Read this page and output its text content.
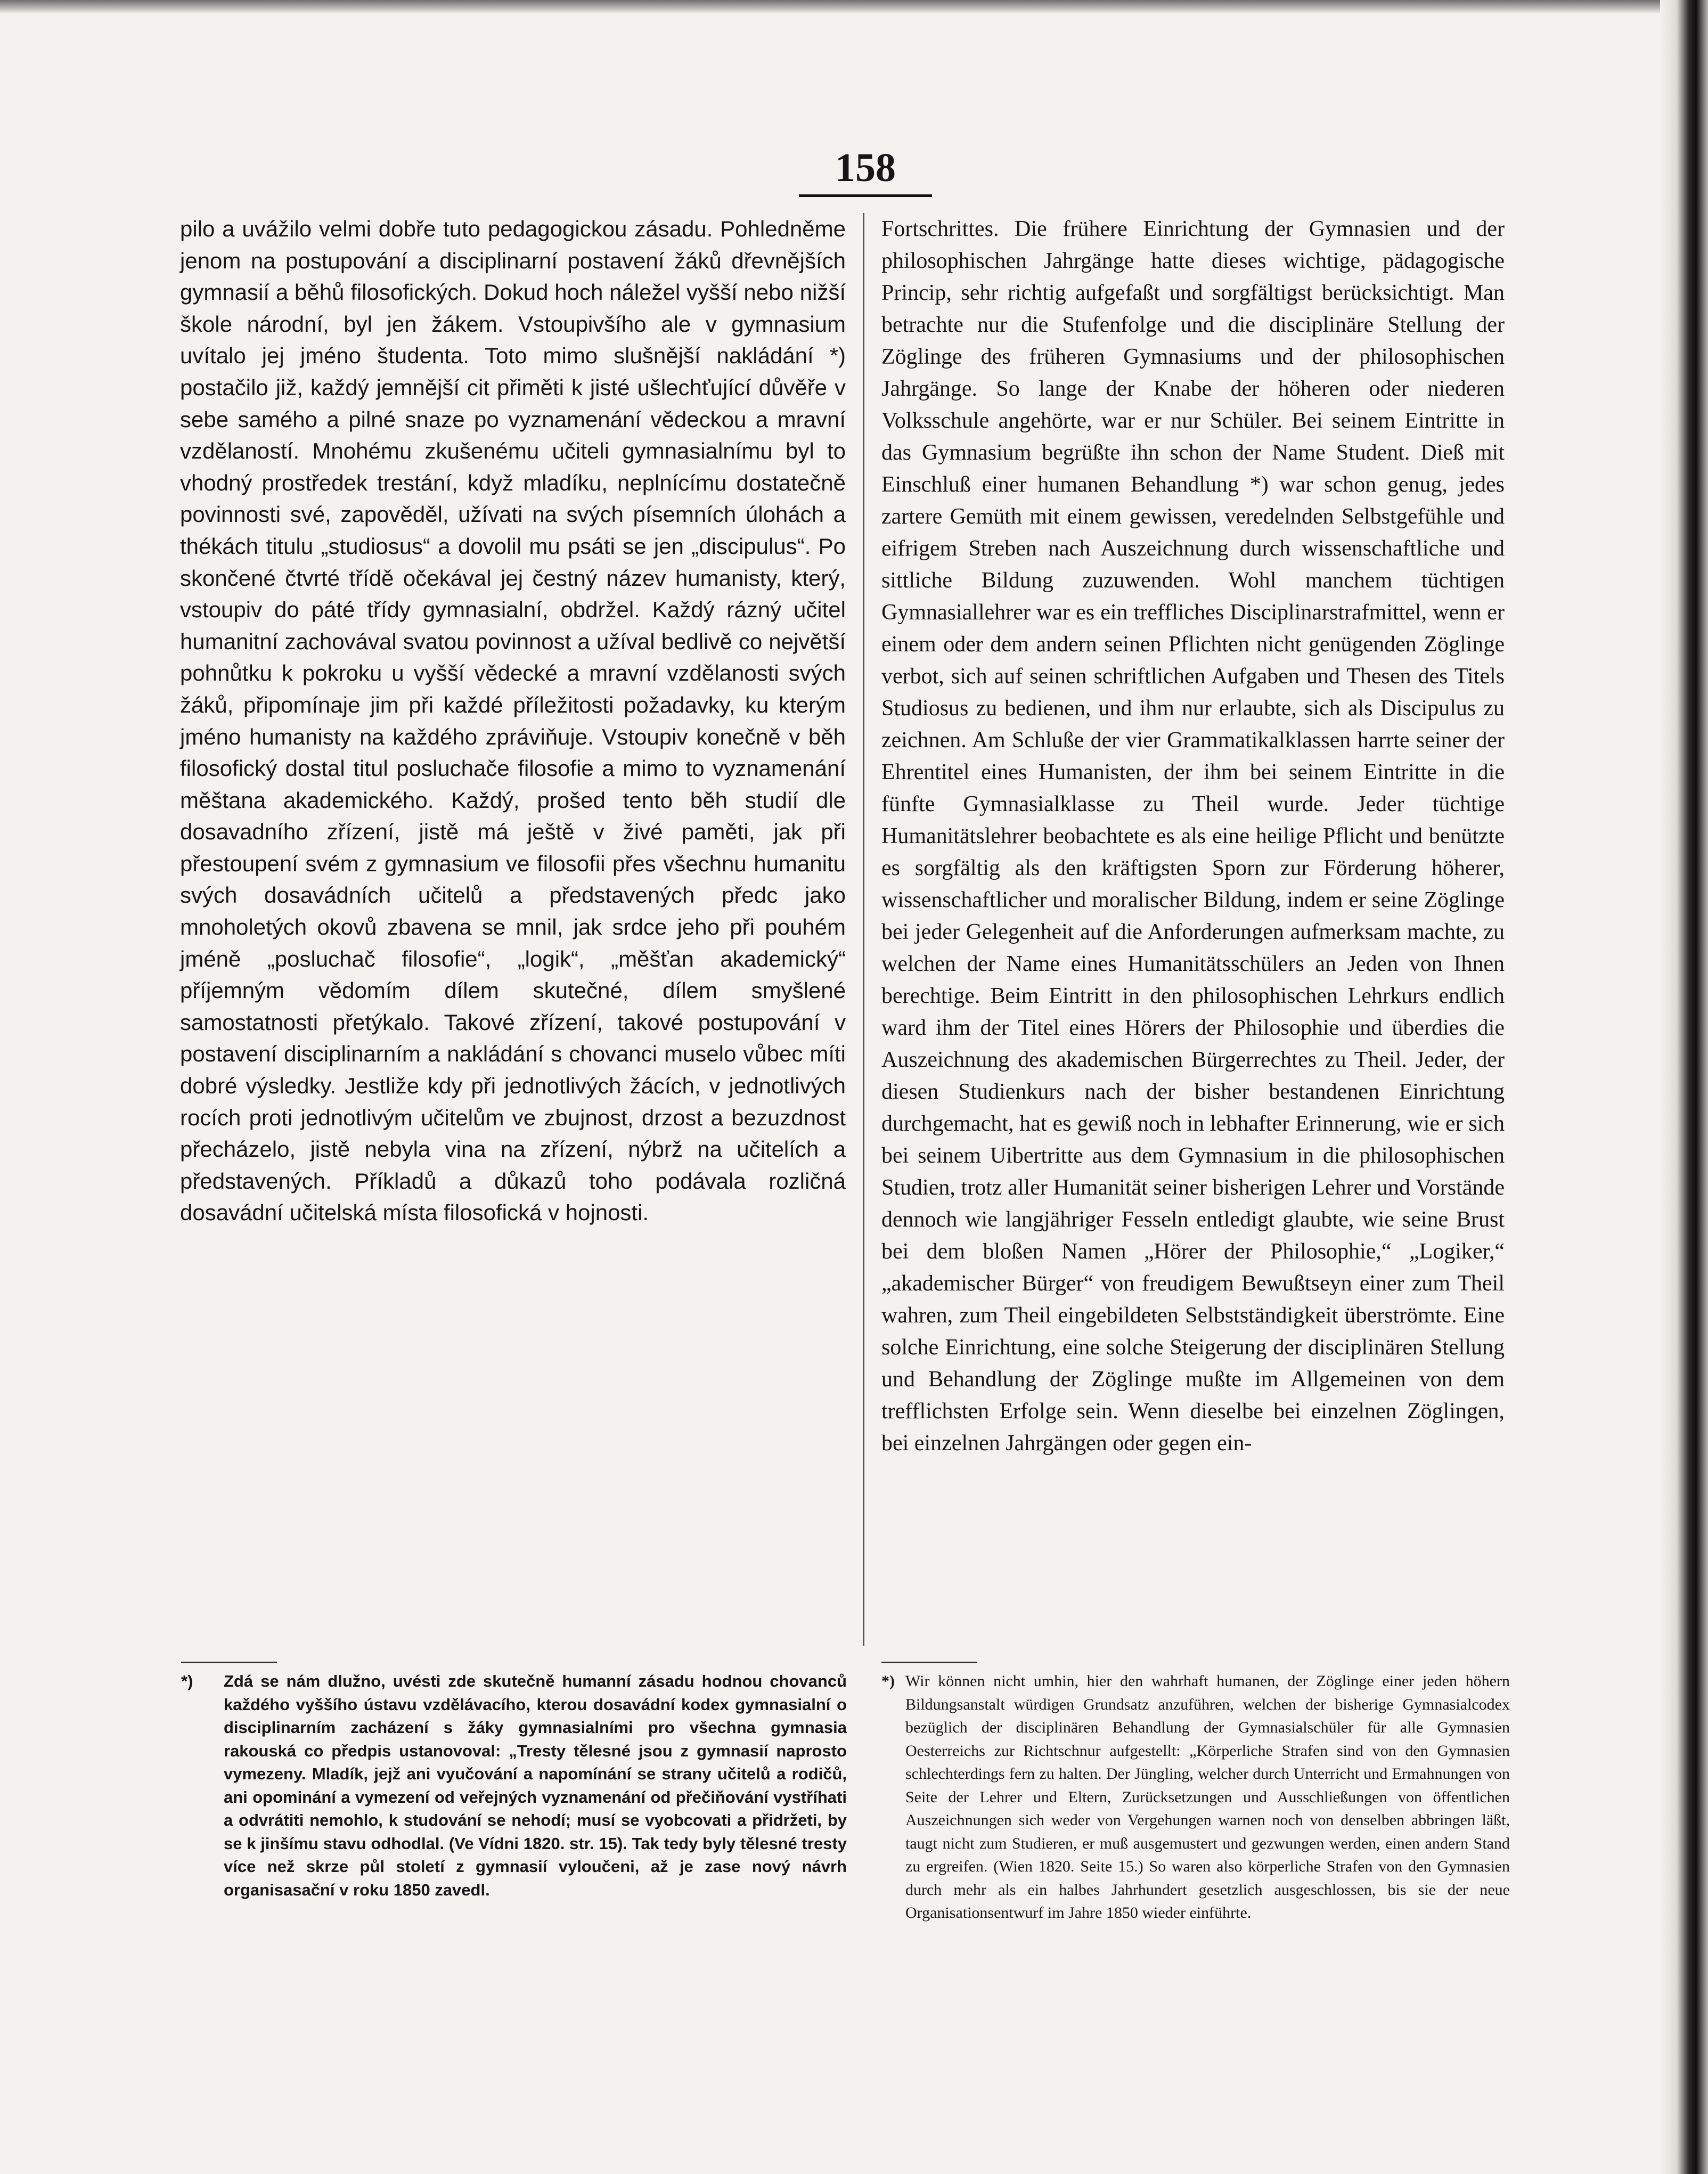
158
pilo a uvážilo velmi dobře tuto pedagogickou zásadu. Pohledněme jenom na postupování a disciplinarní postavení žáků dřevnějších gymnasií a běhů filosofických. Dokud hoch náležel vyšší nebo nižší škole národní, byl jen žákem. Vstoupivšího ale v gymnasium uvítalo jej jméno študenta. Toto mimo slušnější nakládání *) postačilo již, každý jemnější cit přiměti k jisté ušlechťující důvěře v sebe samého a pilné snaze po vyznamenání vědeckou a mravní vzdělaností. Mnohému zkušenému učiteli gymnasialnímu byl to vhodný prostředek trestání, když mladíku, neplnícímu dostatečně povinnosti své, zapověděl, užívati na svých písemních úlohách a thékách titulu „studiosus“ a dovolil mu psáti se jen „discipulus“. Po skončené čtvrté třídě očekával jej čestný název humanisty, který, vstoupiv do páté třídy gymnasialní, obdržel. Každý rázný učitel humanitní zachovával svatou povinnost a užíval bedlivě co největší pohnůtku k pokroku u vyšší vědecké a mravní vzdělanosti svých žáků, připomínaje jim při každé příležitosti požadavky, ku kterým jméno humanisty na každého zpráviňuje. Vstoupiv konečně v běh filosofický dostal titul posluchače filosofie a mimo to vyznamenání měštana akademického. Každý, prošed tento běh studií dle dosavadního zřízení, jistě má ještě v živé paměti, jak při přestoupení svém z gymnasium ve filosofii přes všechnu humanitu svých dosavádních učitelů a představených předc jako mnoholetých okovů zbavena se mnil, jak srdce jeho při pouhém jméně „posluchač filosofie“, „logik“, „měšťan akademický“ příjemným vědomím dílem skutečné, dílem smyšlené samostatnosti přetýkalo. Takové zřízení, takové postupování v postavení disciplinarním a nakládání s chovanci muselo vůbec míti dobré výsledky. Jestliže kdy při jednotlivých žácích, v jednotlivých rocích proti jednotlivým učitelům ve zbujnost, drzost a bezuzdnost přecházelo, jistě nebyla vina na zřízení, nýbrž na učitelích a představených. Příkladů a důkazů toho podávala rozličná dosavádní učitelská místa filosofická v hojnosti.
Fortschrittes. Die frühere Einrichtung der Gymnasien und der philosophischen Jahrgänge hatte dieses wichtige, pädagogische Princip, sehr richtig aufgefaßt und sorgfältigst berücksichtigt. Man betrachte nur die Stufenfolge und die disciplinäre Stellung der Zöglinge des früheren Gymnasiums und der philosophischen Jahrgänge. So lange der Knabe der höheren oder niederen Volksschule angehörte, war er nur Schüler. Bei seinem Eintritte in das Gymnasium begrüßte ihn schon der Name Student. Dieß mit Einschluß einer humanen Behandlung *) war schon genug, jedes zartere Gemüth mit einem gewissen, veredelnden Selbstgefühle und eifrigem Streben nach Auszeichnung durch wissenschaftliche und sittliche Bildung zuzuwenden. Wohl manchem tüchtigen Gymnasiallehrer war es ein treffliches Disciplinarstrafmittel, wenn er einem oder dem andern seinen Pflichten nicht genügenden Zöglinge verbot, sich auf seinen schriftlichen Aufgaben und Thesen des Titels Studiosus zu bedienen, und ihm nur erlaubte, sich als Discipulus zu zeichnen. Am Schluße der vier Grammatikalklassen harrte seiner der Ehrentitel eines Humanisten, der ihm bei seinem Eintritte in die fünfte Gymnasialklasse zu Theil wurde. Jeder tüchtige Humanitätslehrer beobachtete es als eine heilige Pflicht und benützte es sorgfältig als den kräftigsten Sporn zur Förderung höherer, wissenschaftlicher und moralischer Bildung, indem er seine Zöglinge bei jeder Gelegenheit auf die Anforderungen aufmerksam machte, zu welchen der Name eines Humanitätsschülers an Jeden von Ihnen berechtige. Beim Eintritt in den philosophischen Lehrkurs endlich ward ihm der Titel eines Hörers der Philosophie und überdies die Auszeichnung des akademischen Bürgerrechtes zu Theil. Jeder, der diesen Studienkurs nach der bisher bestandenen Einrichtung durchgemacht, hat es gewiß noch in lebhafter Erinnerung, wie er sich bei seinem Uibertritte aus dem Gymnasium in die philosophischen Studien, trotz aller Humanität seiner bisherigen Lehrer und Vorstände dennoch wie langjähriger Fesseln entledigt glaubte, wie seine Brust bei dem bloßen Namen „Hörer der Philosophie,“ „Logiker,“ „akademischer Bürger“ von freudigem Bewußtseyn einer zum Theil wahren, zum Theil eingebildeten Selbstständigkeit überströmte. Eine solche Einrichtung, eine solche Steigerung der disciplinären Stellung und Behandlung der Zöglinge mußte im Allgemeinen von dem trefflichsten Erfolge sein. Wenn dieselbe bei einzelnen Zöglingen, bei einzelnen Jahrgängen oder gegen ein-
*) Zdá se nám dlužno, uvésti zde skutečně humanní zásadu hodnou chovanců každého vyššího ústavu vzdělávacího, kterou dosavádní kodex gymnasialní o disciplinarním zacházení s žáky gymnasialními pro všechna gymnasia rakouská co předpis ustanovoval: „Tresty tělesné jsou z gymnasií naprosto vymezeny. Mladík, jejž ani vyučování a napomínání se strany učitelů a rodičů, ani opominání a vymezení od veřejných vyznamenání od přečiňování vystříhati a odvrátiti nemohlo, k studování se nehodí; musí se vyobcovati a přidržeti, by se k jinšímu stavu odhodlal. (Ve Vídni 1820. str. 15). Tak tedy byly tělesné tresty více než skrze půl století z gymnasií vyloučeni, až je zase nový návrh organisasační v roku 1850 zavedl.
*) Wir können nicht umhin, hier den wahrhaft humanen, der Zöglinge einer jeden höhern Bildungsanstalt würdigen Grundsatz anzuführen, welchen der bisherige Gymnasialcodex bezüglich der disciplinären Behandlung der Gymnasialschüler für alle Gymnasien Oesterreichs zur Richtschnur aufgestellt: „Körperliche Strafen sind von den Gymnasien schlechterdings fern zu halten. Der Jüngling, welcher durch Unterricht und Ermahnungen von Seite der Lehrer und Eltern, Zurücksetzungen und Ausschließungen von öffentlichen Auszeichnungen sich weder von Vergehungen warnen noch von denselben abbringen läßt, taugt nicht zum Studieren, er muß ausgemustert und gezwungen werden, einen andern Stand zu ergreifen. (Wien 1820. Seite 15.) So waren also körperliche Strafen von den Gymnasien durch mehr als ein halbes Jahrhundert gesetzlich ausgeschlossen, bis sie der neue Organisationsentwurf im Jahre 1850 wieder einführte.
